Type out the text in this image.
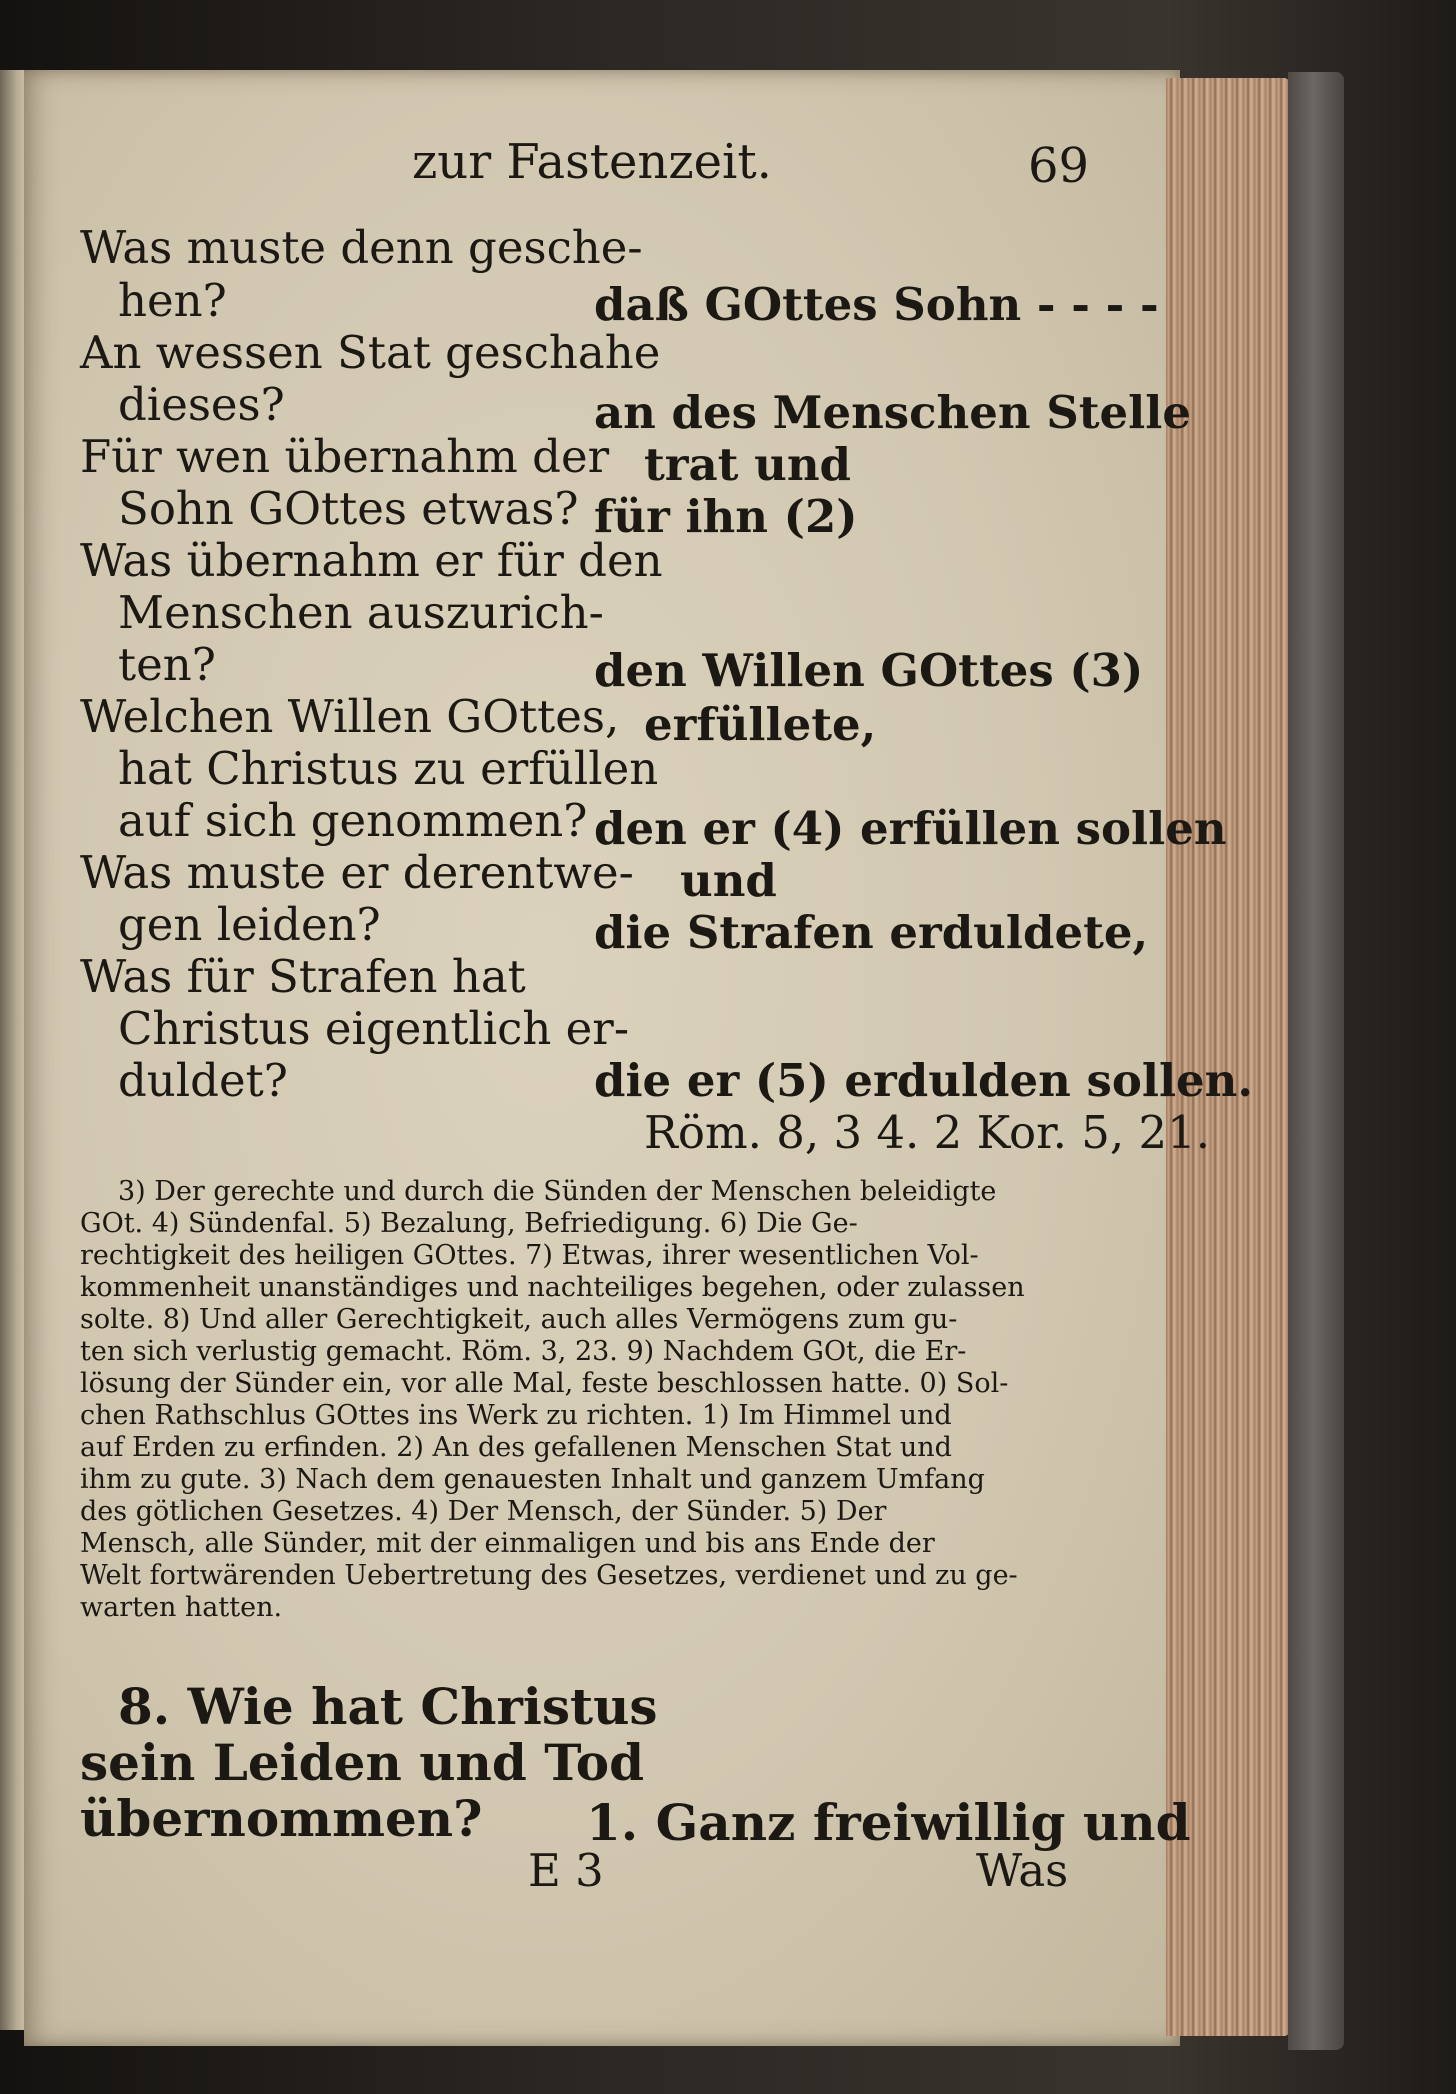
zur Fastenzeit.	69
Was muste denn gesche-
hen?
An wessen Stat geschahe
dieses?
Für wen übernahm der
Sohn GOttes etwas?
Was übernahm er für den
Menschen auszurich-
ten?
Welchen Willen GOttes,
hat Christus zu erfüllen
auf sich genommen?
Was muste er derentwe-
gen leiden?
Was für Strafen hat
Christus eigentlich er-
duldet?
daß GOttes Sohn - - - -
an des Menschen Stelle
trat und
für ihn (2)
den Willen GOttes (3)
erfüllete,
den er (4) erfüllen sollen
und
die Strafen erduldete,
die er (5) erdulden sollen.
Röm. 8, 3 4. 2 Kor. 5, 21.
3) Der gerechte und durch die Sünden der Menschen beleidigte
GOt. 4) Sündenfal. 5) Bezalung, Befriedigung. 6) Die Ge-
rechtigkeit des heiligen GOttes. 7) Etwas, ihrer wesentlichen Vol-
kommenheit unanständiges und nachteiliges begehen, oder zulassen
solte. 8) Und aller Gerechtigkeit, auch alles Vermögens zum gu-
ten sich verlustig gemacht. Röm. 3, 23. 9) Nachdem GOt, die Er-
lösung der Sünder ein, vor alle Mal, feste beschlossen hatte. 0) Sol-
chen Rathschlus GOttes ins Werk zu richten. 1) Im Himmel und
auf Erden zu erfinden. 2) An des gefallenen Menschen Stat und
ihm zu gute. 3) Nach dem genauesten Inhalt und ganzem Umfang
des götlichen Gesetzes. 4) Der Mensch, der Sünder. 5) Der
Mensch, alle Sünder, mit der einmaligen und bis ans Ende der
Welt fortwärenden Uebertretung des Gesetzes, verdienet und zu ge-
warten hatten.
8. Wie hat Christus
sein Leiden und Tod
übernommen? 1. Ganz freiwillig und
E 3	Was
